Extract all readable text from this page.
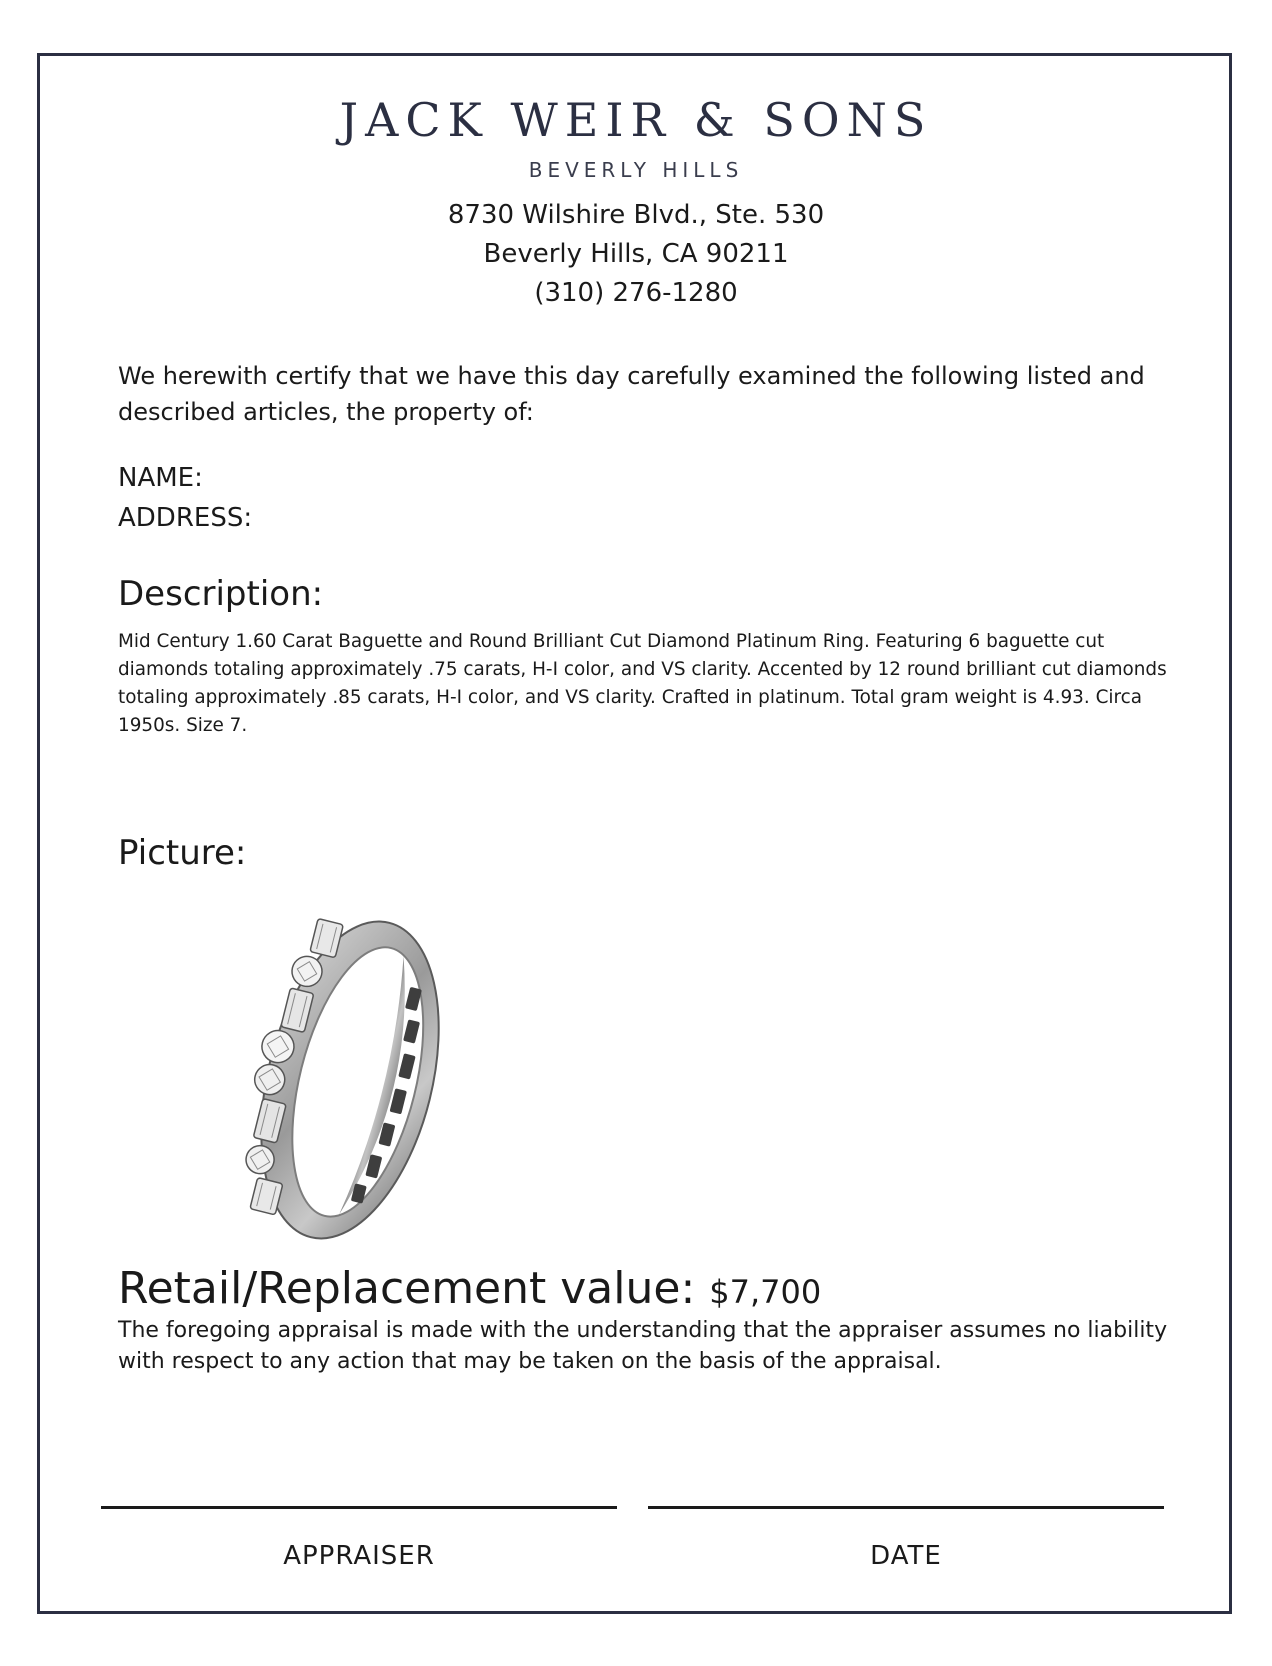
JACK WEIR & SONS
BEVERLY HILLS
8730 Wilshire Blvd., Ste. 530
Beverly Hills, CA 90211
(310) 276-1280
We herewith certify that we have this day carefully examined the following listed and described articles, the property of:
NAME:
ADDRESS:
Description:
Mid Century 1.60 Carat Baguette and Round Brilliant Cut Diamond Platinum Ring. Featuring 6 baguette cut diamonds totaling approximately .75 carats, H-I color, and VS clarity. Accented by 12 round brilliant cut diamonds totaling approximately .85 carats, H-I color, and VS clarity. Crafted in platinum. Total gram weight is 4.93. Circa 1950s. Size 7.
Picture:
Retail/Replacement value: $7,700
The foregoing appraisal is made with the understanding that the appraiser assumes no liability with respect to any action that may be taken on the basis of the appraisal.
APPRAISER	DATE
